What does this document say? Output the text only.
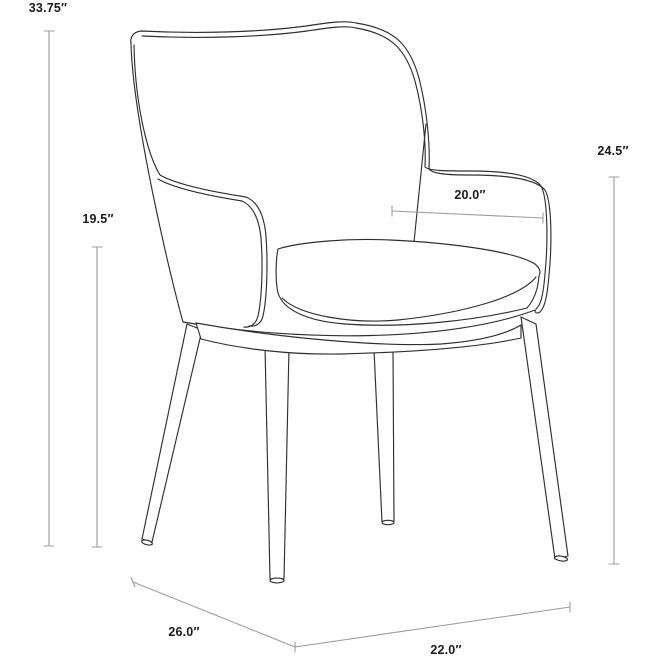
33.75″
19.5″
24.5″
20.0″
26.0″
22.0″
